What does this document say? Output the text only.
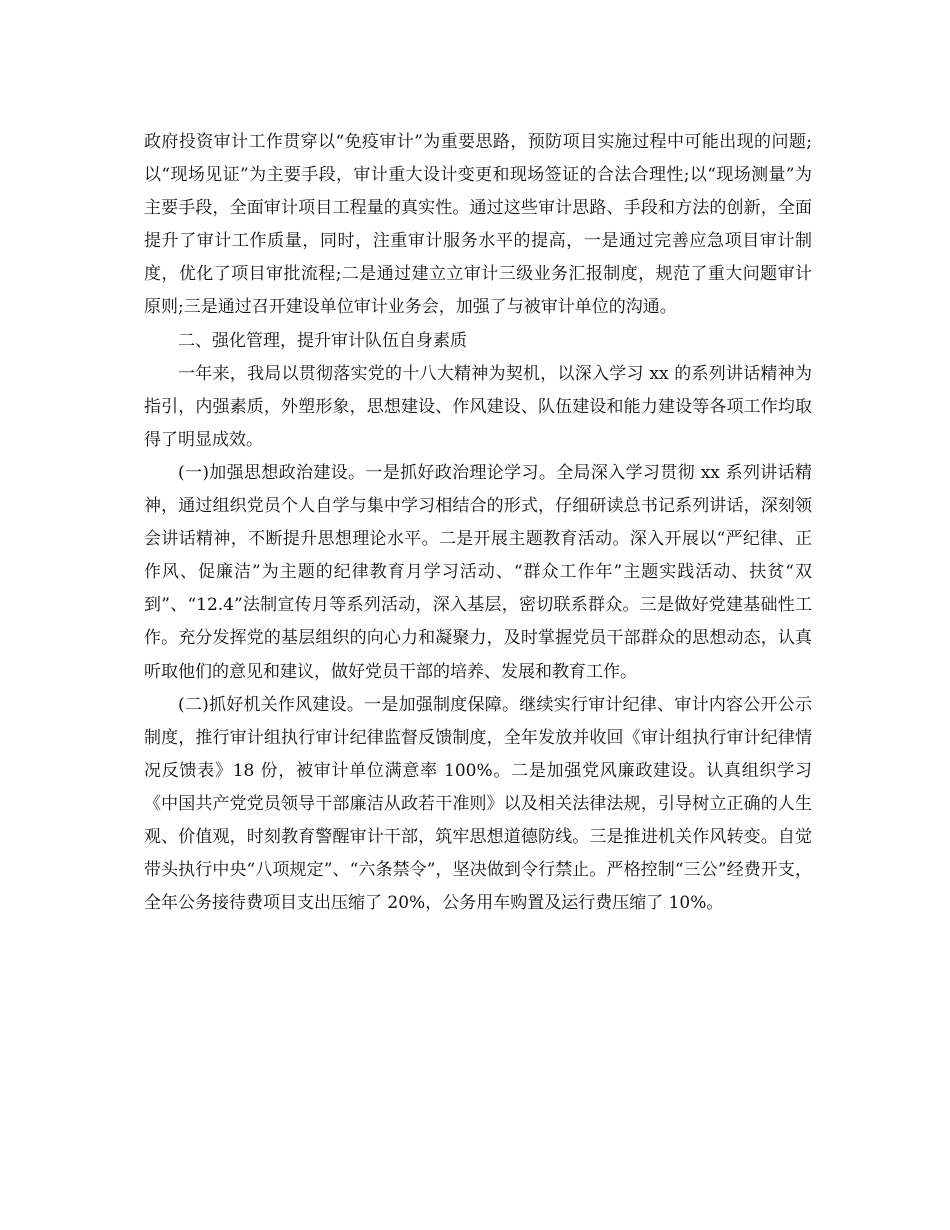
政府投资审计工作贯穿以“免疫审计”为重要思路，预防项目实施过程中可能出现的问题;以“现场见证”为主要手段，审计重大设计变更和现场签证的合法合理性;以“现场测量”为主要手段，全面审计项目工程量的真实性。通过这些审计思路、手段和方法的创新，全面提升了审计工作质量，同时，注重审计服务水平的提高，一是通过完善应急项目审计制度，优化了项目审批流程;二是通过建立立审计三级业务汇报制度，规范了重大问题审计原则;三是通过召开建设单位审计业务会，加强了与被审计单位的沟通。

二、强化管理，提升审计队伍自身素质

一年来，我局以贯彻落实党的十八大精神为契机，以深入学习 xx 的系列讲话精神为指引，内强素质，外塑形象，思想建设、作风建设、队伍建设和能力建设等各项工作均取得了明显成效。

(一)加强思想政治建设。一是抓好政治理论学习。全局深入学习贯彻 xx 系列讲话精神，通过组织党员个人自学与集中学习相结合的形式，仔细研读总书记系列讲话，深刻领会讲话精神，不断提升思想理论水平。二是开展主题教育活动。深入开展以“严纪律、正作风、促廉洁”为主题的纪律教育月学习活动、“群众工作年”主题实践活动、扶贫“双到”、“12.4”法制宣传月等系列活动，深入基层，密切联系群众。三是做好党建基础性工作。充分发挥党的基层组织的向心力和凝聚力，及时掌握党员干部群众的思想动态，认真听取他们的意见和建议，做好党员干部的培养、发展和教育工作。

(二)抓好机关作风建设。一是加强制度保障。继续实行审计纪律、审计内容公开公示制度，推行审计组执行审计纪律监督反馈制度，全年发放并收回《审计组执行审计纪律情况反馈表》18 份，被审计单位满意率 100%。二是加强党风廉政建设。认真组织学习《中国共产党党员领导干部廉洁从政若干准则》以及相关法律法规，引导树立正确的人生观、价值观，时刻教育警醒审计干部，筑牢思想道德防线。三是推进机关作风转变。自觉带头执行中央“八项规定”、“六条禁令”，坚决做到令行禁止。严格控制“三公”经费开支，全年公务接待费项目支出压缩了 20%，公务用车购置及运行费压缩了 10%。
